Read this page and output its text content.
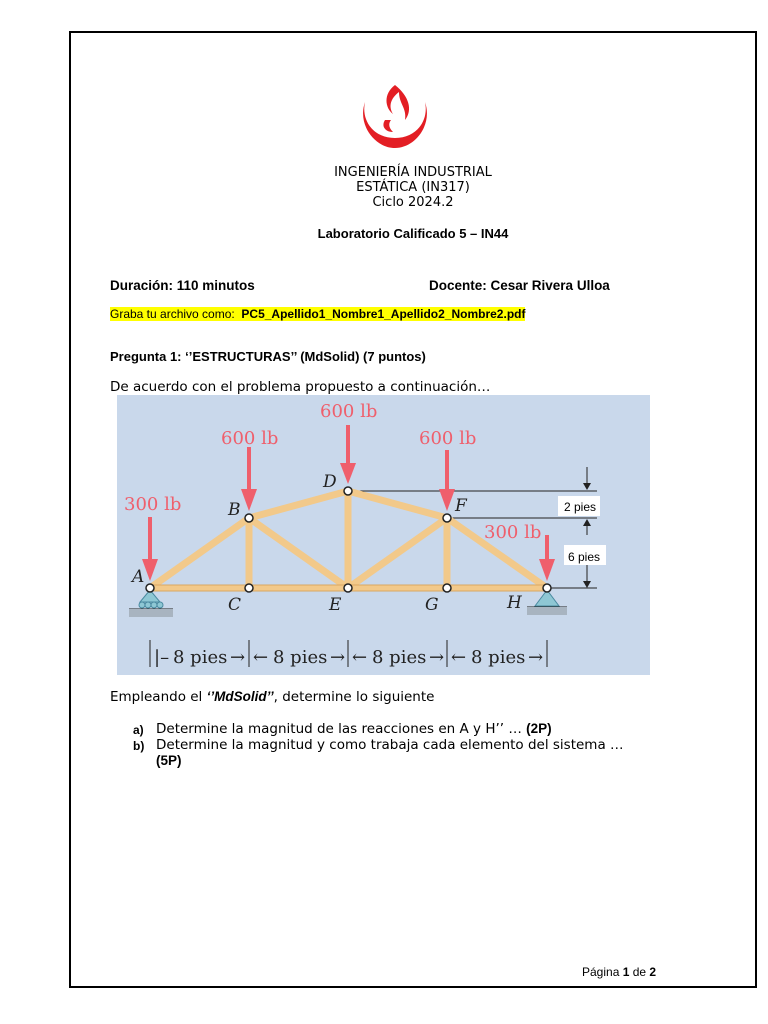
INGENIERÍA INDUSTRIAL
ESTÁTICA (IN317)
Ciclo 2024.2
Laboratorio Calificado 5 – IN44
Duración: 110 minutos	Docente: Cesar Rivera Ulloa
Graba tu archivo como: PC5_Apellido1_Nombre1_Apellido2_Nombre2.pdf
Pregunta 1: ‘’ESTRUCTURAS’’ (MdSolid) (7 puntos)
De acuerdo con el problema propuesto a continuación…
2 pies
6 pies
300 lb
600 lb
600 lb
600 lb
300 lb
A
B
C
D
E
F
G	H
|– 8 pies → ← 8 pies → ← 8 pies → ← 8 pies →
Empleando el ‘’MdSolid’’, determine lo siguiente
a) Determine la magnitud de las reacciones en A y H’’ … (2P)
b) Determine la magnitud y como trabaja cada elemento del sistema … (5P)
Página 1 de 2
